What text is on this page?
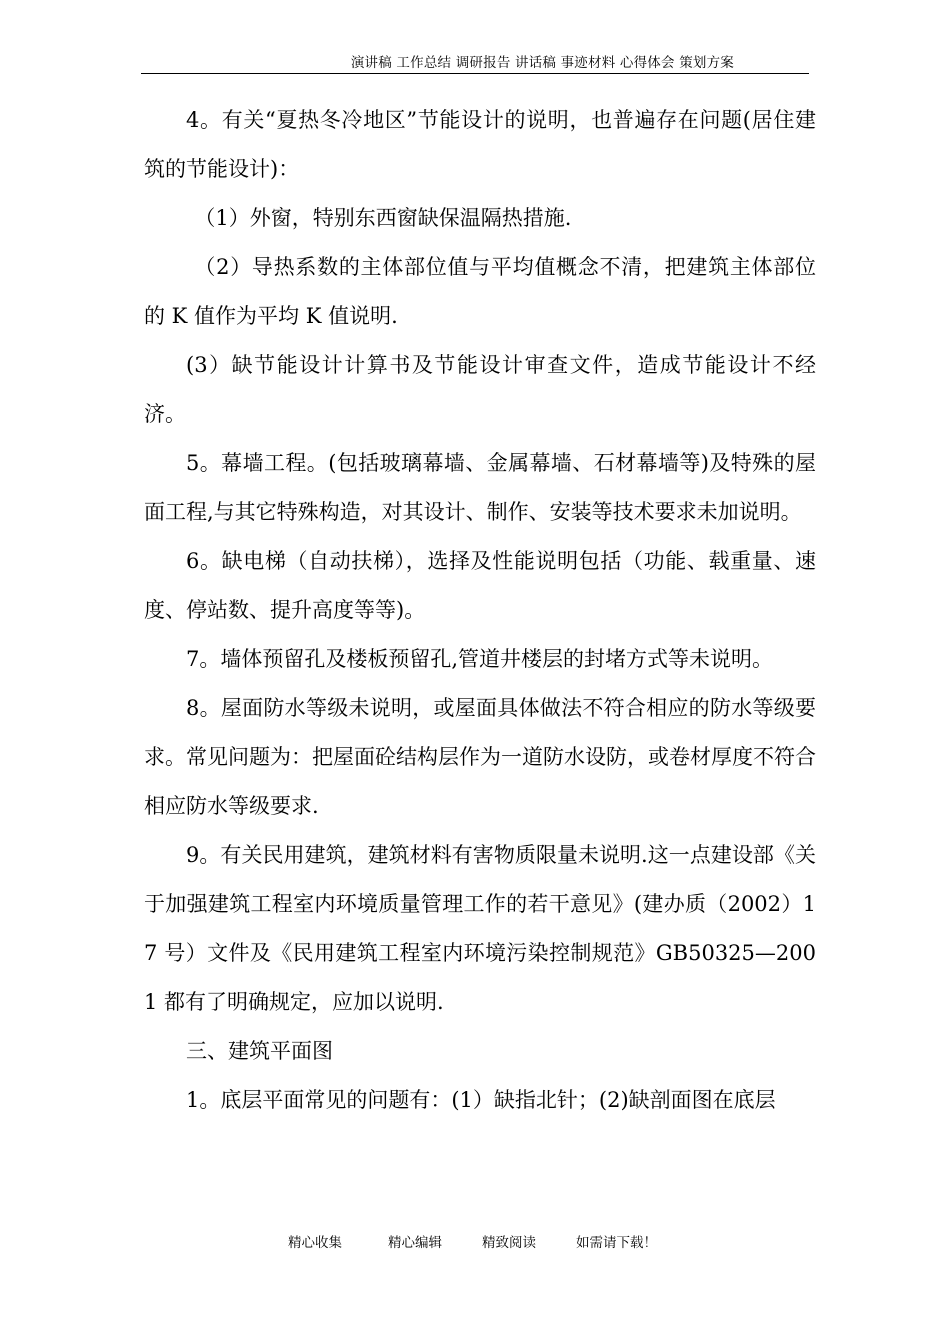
演讲稿 工作总结 调研报告 讲话稿 事迹材料 心得体会 策划方案

4。有关“夏热冬冷地区”节能设计的说明，也普遍存在问题(居住建筑的节能设计)：

（1）外窗，特别东西窗缺保温隔热措施.

（2）导热系数的主体部位值与平均值概念不清，把建筑主体部位的 K 值作为平均 K 值说明.

(3）缺节能设计计算书及节能设计审查文件，造成节能设计不经济。

5。幕墙工程。(包括玻璃幕墙、金属幕墙、石材幕墙等)及特殊的屋面工程,与其它特殊构造，对其设计、制作、安装等技术要求未加说明。

6。缺电梯（自动扶梯），选择及性能说明包括（功能、载重量、速度、停站数、提升高度等等)。

7。墙体预留孔及楼板预留孔,管道井楼层的封堵方式等未说明。

8。屋面防水等级未说明，或屋面具体做法不符合相应的防水等级要求。常见问题为：把屋面砼结构层作为一道防水设防，或卷材厚度不符合相应防水等级要求.

9。有关民用建筑，建筑材料有害物质限量未说明.这一点建设部《关于加强建筑工程室内环境质量管理工作的若干意见》(建办质（2002）17 号）文件及《民用建筑工程室内环境污染控制规范》GB50325—2001 都有了明确规定，应加以说明.

三、建筑平面图

1。底层平面常见的问题有：(1）缺指北针；(2)缺剖面图在底层

精心收集	精心编辑	精致阅读	如需请下载！
